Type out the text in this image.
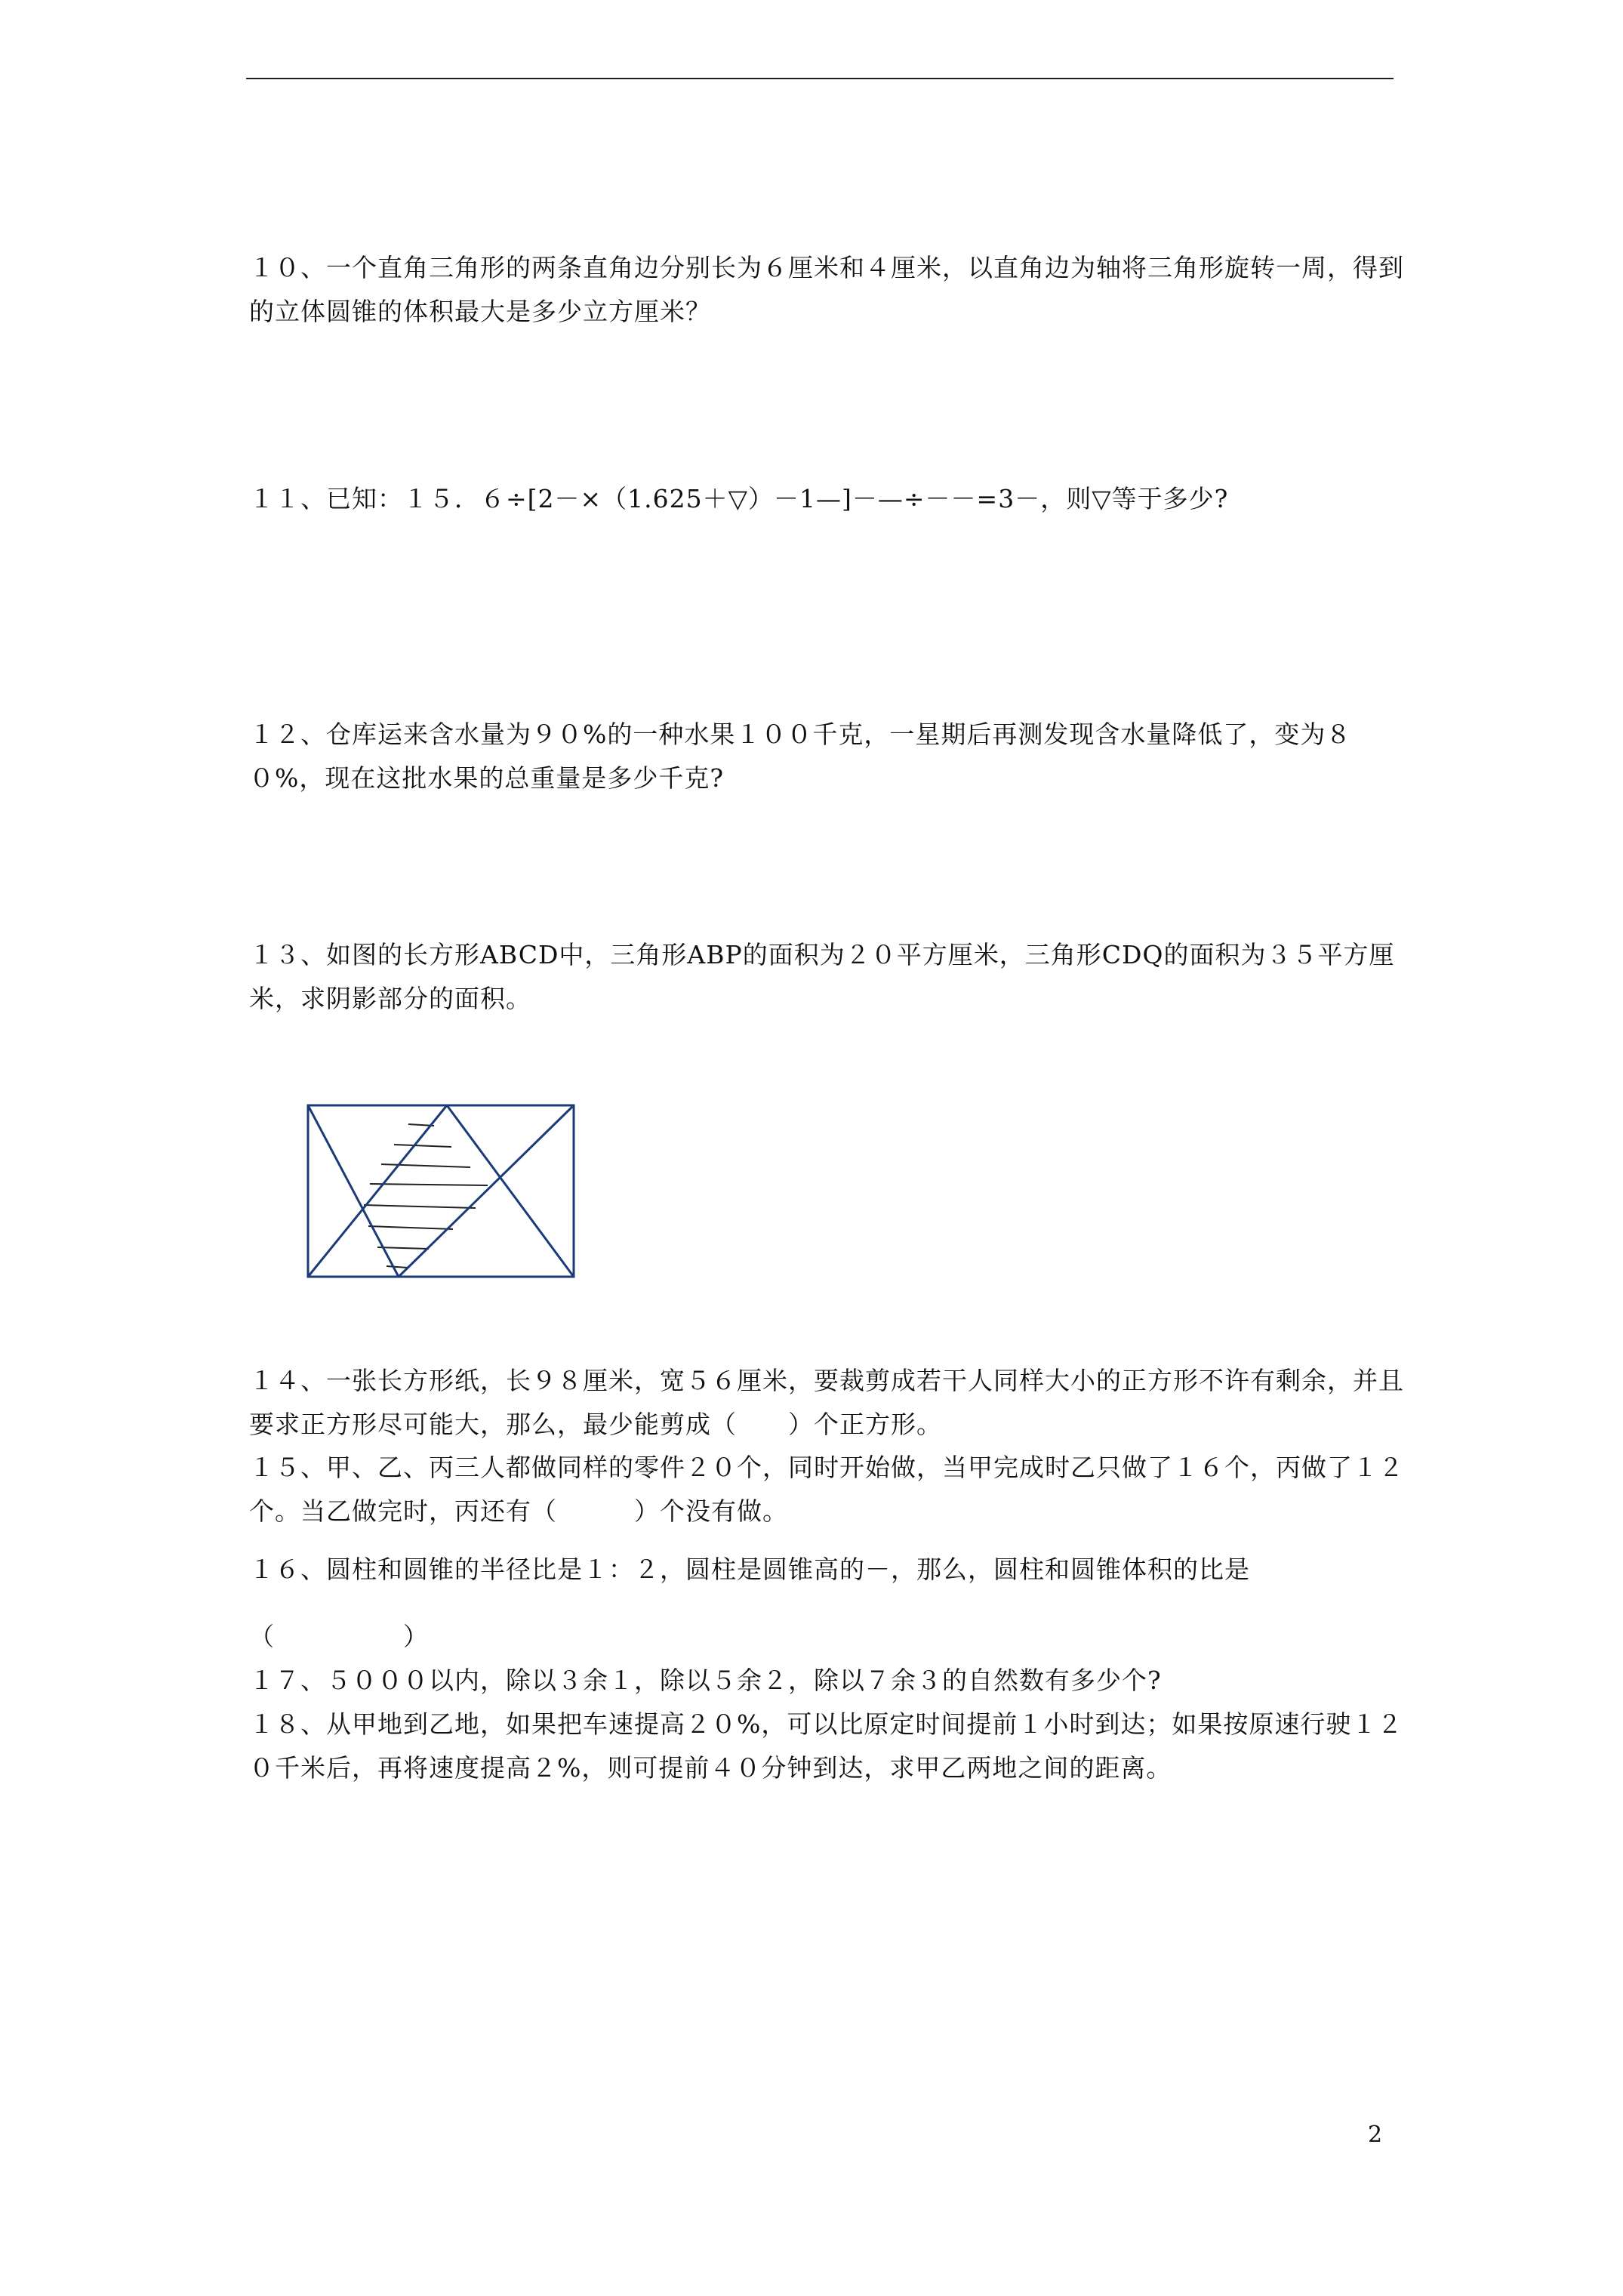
１０、一个直角三角形的两条直角边分别长为６厘米和４厘米，以直角边为轴将三角形旋转一周，得到的立体圆锥的体积最大是多少立方厘米？

１１、已知：１５．６÷[2－×（1.625＋▽）－1—]－—÷－－=3－，则▽等于多少?

１２、仓库运来含水量为９０%的一种水果１００千克，一星期后再测发现含水量降低了，变为８０%，现在这批水果的总重量是多少千克?

１３、如图的长方形ABCD中，三角形ABP的面积为２０平方厘米，三角形CDQ的面积为３５平方厘米，求阴影部分的面积。

１４、一张长方形纸，长９８厘米，宽５６厘米，要裁剪成若干人同样大小的正方形不许有剩余，并且要求正方形尽可能大，那么，最少能剪成（　　）个正方形。

１５、甲、乙、丙三人都做同样的零件２０个，同时开始做，当甲完成时乙只做了１６个，丙做了１２个。当乙做完时，丙还有（　　　）个没有做。

１６、圆柱和圆锥的半径比是１：２，圆柱是圆锥高的－，那么，圆柱和圆锥体积的比是

（　　　　　）

１７、５０００以内，除以３余１，除以５余２，除以７余３的自然数有多少个?

１８、从甲地到乙地，如果把车速提高２０%，可以比原定时间提前１小时到达；如果按原速行驶１２０千米后，再将速度提高２%，则可提前４０分钟到达，求甲乙两地之间的距离。

2
